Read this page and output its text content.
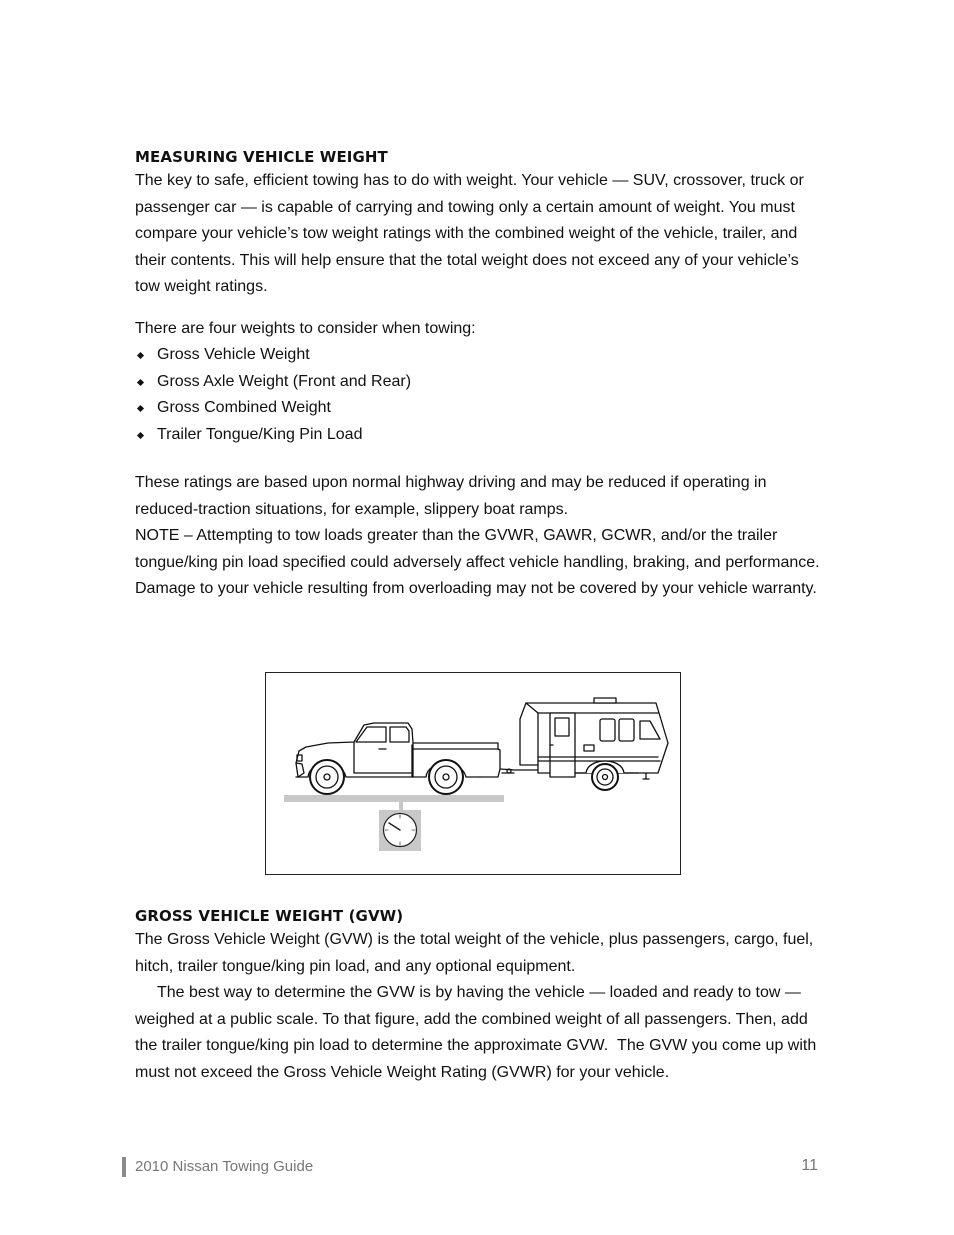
MEASURING VEHICLE WEIGHT

The key to safe, efficient towing has to do with weight. Your vehicle — SUV, crossover, truck or passenger car — is capable of carrying and towing only a certain amount of weight. You must compare your vehicle’s tow weight ratings with the combined weight of the vehicle, trailer, and their contents. This will help ensure that the total weight does not exceed any of your vehicle’s tow weight ratings.

There are four weights to consider when towing:

Gross Vehicle Weight
Gross Axle Weight (Front and Rear)
Gross Combined Weight
Trailer Tongue/King Pin Load

These ratings are based upon normal highway driving and may be reduced if operating in reduced-traction situations, for example, slippery boat ramps.
NOTE – Attempting to tow loads greater than the GVWR, GAWR, GCWR, and/or the trailer tongue/king pin load specified could adversely affect vehicle handling, braking, and performance. Damage to your vehicle resulting from overloading may not be covered by your vehicle warranty.

GROSS VEHICLE WEIGHT (GVW)

The Gross Vehicle Weight (GVW) is the total weight of the vehicle, plus passengers, cargo, fuel, hitch, trailer tongue/king pin load, and any optional equipment.

The best way to determine the GVW is by having the vehicle — loaded and ready to tow — weighed at a public scale. To that figure, add the combined weight of all passengers. Then, add the trailer tongue/king pin load to determine the approximate GVW. The GVW you come up with must not exceed the Gross Vehicle Weight Rating (GVWR) for your vehicle.

2010 Nissan Towing Guide	11
